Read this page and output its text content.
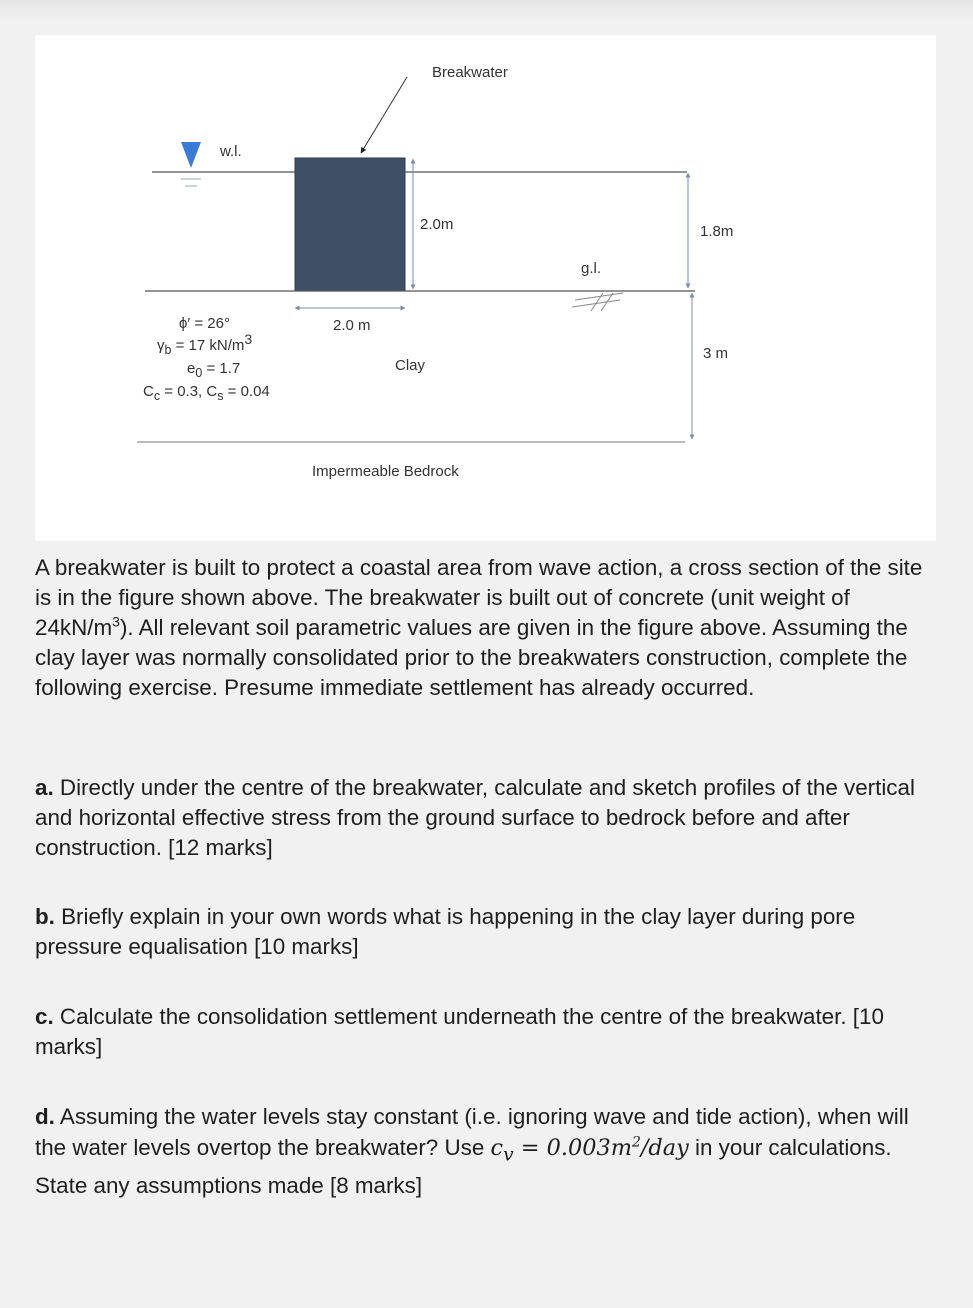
Breakwater
w.l.
2.0m	1.8m
g.l.
2.0 m
3 m
Clay
Impermeable Bedrock
ϕ′ = 26°
$\gamma_b = 17$ $kN/m^3$
$e_0 = 1.7$
$C_c = 0.3$, $C_s = 0.04$
A breakwater is built to protect a coastal area from wave action, a cross section of the site is in the figure shown above. The breakwater is built out of concrete (unit weight of $24kN/m^3$). All relevant soil parametric values are given in the figure above. Assuming the clay layer was normally consolidated prior to the breakwaters construction, complete the following exercise. Presume immediate settlement has already occurred.
a. Directly under the centre of the breakwater, calculate and sketch profiles of the vertical and horizontal effective stress from the ground surface to bedrock before and after construction. [12 marks]
b. Briefly explain in your own words what is happening in the clay layer during pore pressure equalisation [10 marks]
c. Calculate the consolidation settlement underneath the centre of the breakwater. [10 marks]
d. Assuming the water levels stay constant (i.e. ignoring wave and tide action), when will the water levels overtop the breakwater? Use $c_v = 0.003m^2/day$ in your calculations. State any assumptions made [8 marks]
